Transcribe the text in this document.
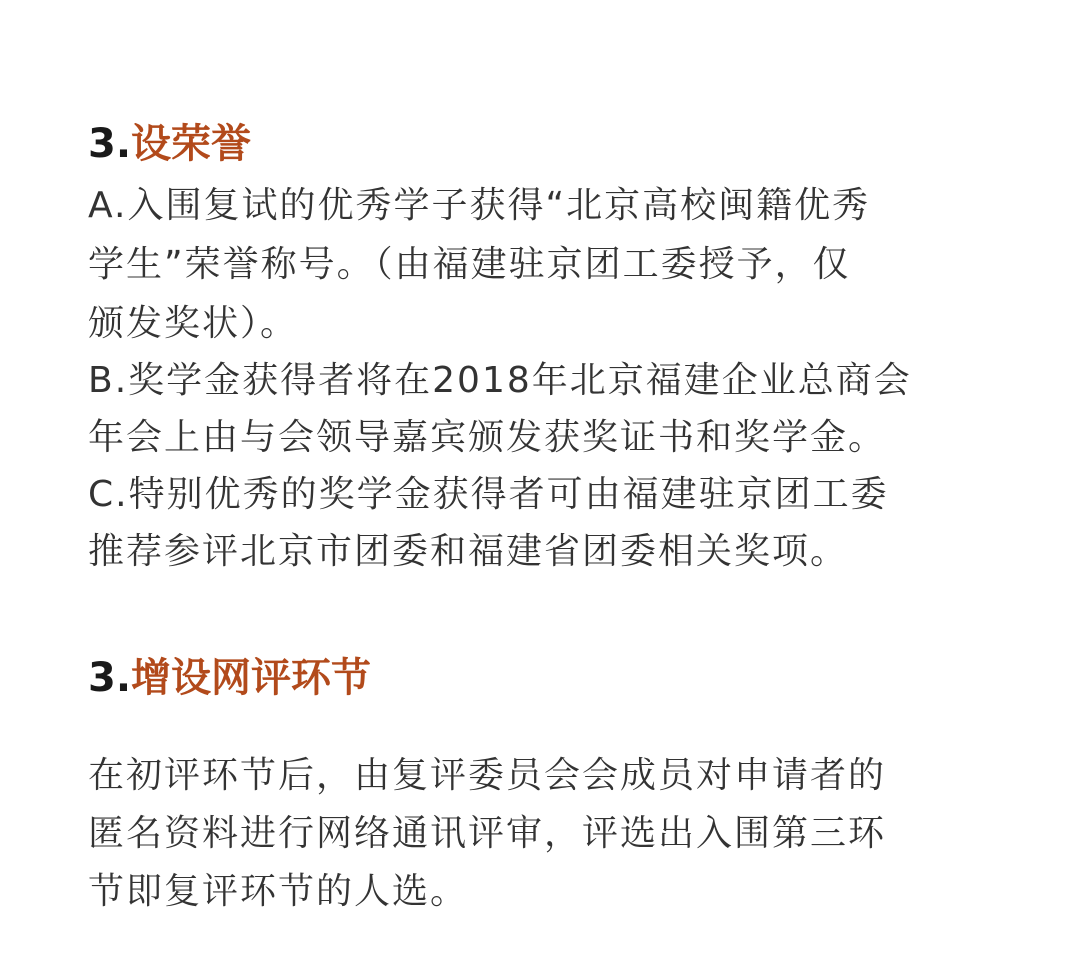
3.设荣誉

A.入围复试的优秀学子获得“北京高校闽籍优秀

学生”荣誉称号。（由福建驻京团工委授予，仅

颁发奖状）。

B.奖学金获得者将在2018年北京福建企业总商会

年会上由与会领导嘉宾颁发获奖证书和奖学金。

C.特别优秀的奖学金获得者可由福建驻京团工委

推荐参评北京市团委和福建省团委相关奖项。

3.增设网评环节

在初评环节后，由复评委员会会成员对申请者的

匿名资料进行网络通讯评审，评选出入围第三环

节即复评环节的人选。
